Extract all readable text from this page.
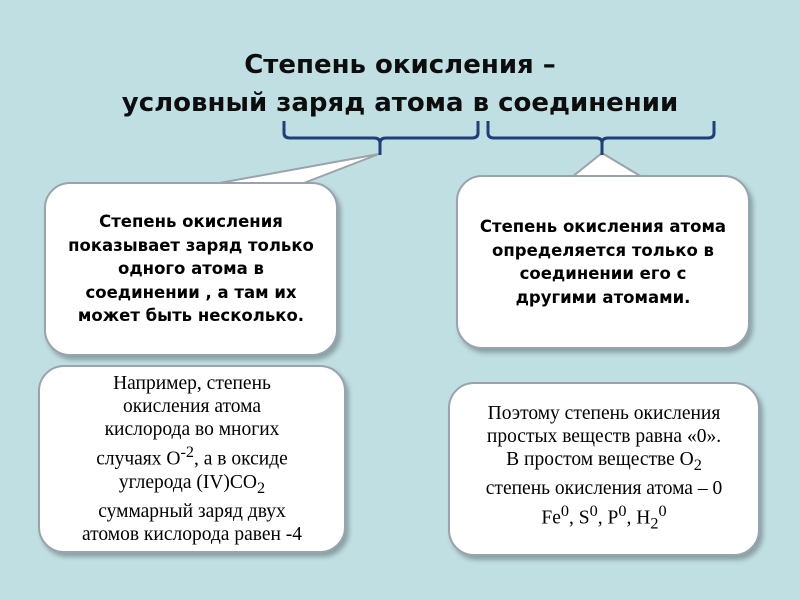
Степень окисления –
условный заряд атома в соединении
Степень окисления
показывает заряд только
одного атома в
соединении , а там их
может быть несколько.
Степень окисления атома
определяется только в
соединении его с
другими атомами.
Например, степень
окисления атома
кислорода во многих
случаях $О^{-2}$, а в оксиде
углерода $(IV)СО_2$
суммарный заряд двух
атомов кислорода равен -4
Поэтому степень окисления
простых веществ равна «0».
В простом веществе $О_2$
степень окисления атома – 0
Fe$^0$, $S^0$, $P^0$, $H_2^0$
